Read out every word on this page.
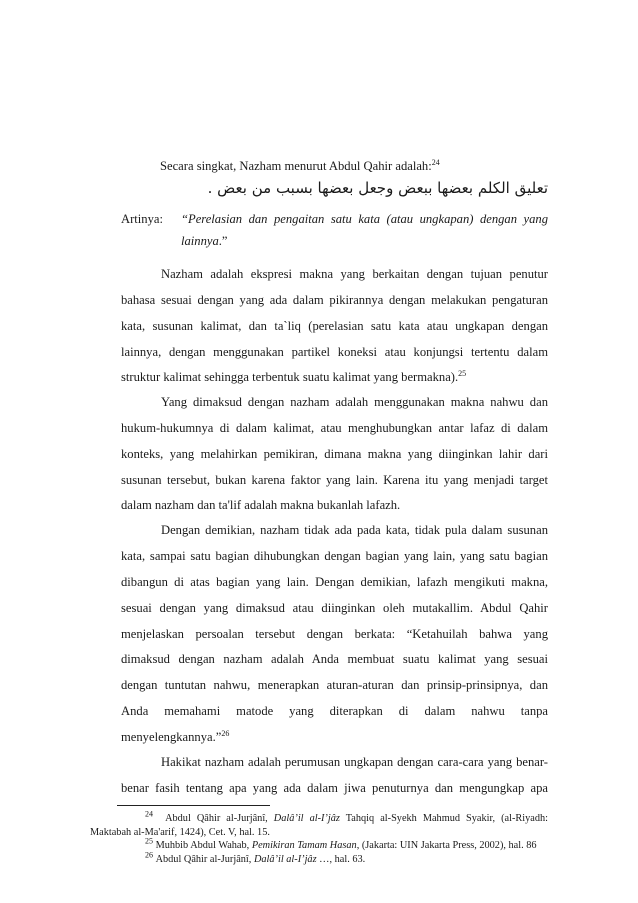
Secara singkat, Nazham menurut Abdul Qahir adalah:$^{24}$
تعليق الكلم بعضها ببعض وجعل بعضها بسبب من بعض .
Artinya: “Perelasian dan pengaitan satu kata (atau ungkapan) dengan yang
lainnya.”
Nazham adalah ekspresi makna yang berkaitan dengan tujuan penutur
bahasa sesuai dengan yang ada dalam pikirannya dengan melakukan pengaturan
kata, susunan kalimat, dan ta`liq (perelasian satu kata atau ungkapan dengan
lainnya, dengan menggunakan partikel koneksi atau konjungsi tertentu dalam
struktur kalimat sehingga terbentuk suatu kalimat yang bermakna).$^{25}$
Yang dimaksud dengan nazham adalah menggunakan makna nahwu dan
hukum-hukumnya di dalam kalimat, atau menghubungkan antar lafaz di dalam
konteks, yang melahirkan pemikiran, dimana makna yang diinginkan lahir dari
susunan tersebut, bukan karena faktor yang lain. Karena itu yang menjadi target
dalam nazham dan ta'lif adalah makna bukanlah lafazh.
Dengan demikian, nazham tidak ada pada kata, tidak pula dalam susunan
kata, sampai satu bagian dihubungkan dengan bagian yang lain, yang satu bagian
dibangun di atas bagian yang lain. Dengan demikian, lafazh mengikuti makna,
sesuai dengan yang dimaksud atau diinginkan oleh mutakallim. Abdul Qahir
menjelaskan persoalan tersebut dengan berkata: “Ketahuilah bahwa yang
dimaksud dengan nazham adalah Anda membuat suatu kalimat yang sesuai
dengan tuntutan nahwu, menerapkan aturan-aturan dan prinsip-prinsipnya, dan
Anda memahami matode yang diterapkan di dalam nahwu tanpa
menyelengkannya.”$^{26}$
Hakikat nazham adalah perumusan ungkapan dengan cara-cara yang benar-
benar fasih tentang apa yang ada dalam jiwa penuturnya dan mengungkap apa
$^{24}$ Abdul Qâhir al-Jurjânî, Dalâ’il al-I’jâz Tahqiq al-Syekh Mahmud Syakir, (al-Riyadh:
Maktabah al-Ma'arif, 1424), Cet. V, hal. 15.
$^{25}$ Muhbib Abdul Wahab, Pemikiran Tamam Hasan, (Jakarta: UIN Jakarta Press, 2002), hal. 86
$^{26}$ Abdul Qâhir al-Jurjânî, Dalâ’il al-I’jâz …, hal. 63.
